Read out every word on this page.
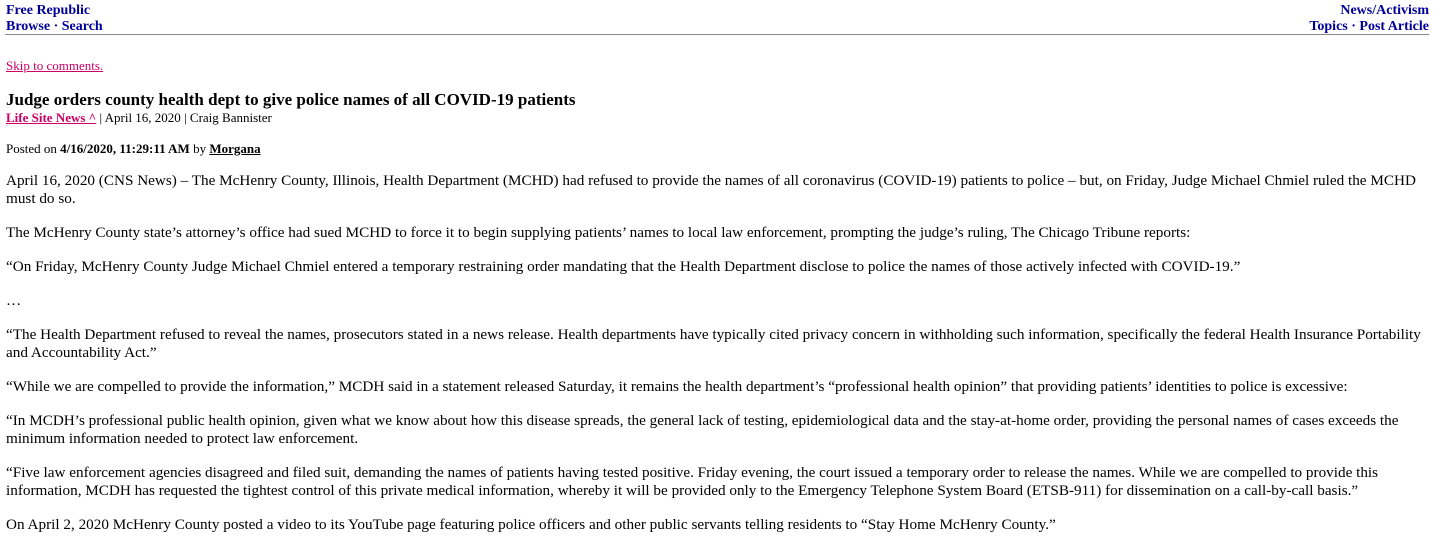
Free Republic
Browse · Search
News/Activism
Topics · Post Article

Skip to comments.

Judge orders county health dept to give police names of all COVID-19 patients
Life Site News ^ | April 16, 2020 | Craig Bannister
Posted on 4/16/2020, 11:29:11 AM by Morgana

April 16, 2020 (CNS News) – The McHenry County, Illinois, Health Department (MCHD) had refused to provide the names of all coronavirus (COVID-19) patients to police – but, on Friday, Judge Michael Chmiel ruled the MCHD must do so.

The McHenry County state’s attorney’s office had sued MCHD to force it to begin supplying patients’ names to local law enforcement, prompting the judge’s ruling, The Chicago Tribune reports:

“On Friday, McHenry County Judge Michael Chmiel entered a temporary restraining order mandating that the Health Department disclose to police the names of those actively infected with COVID-19.”

…

“The Health Department refused to reveal the names, prosecutors stated in a news release. Health departments have typically cited privacy concern in withholding such information, specifically the federal Health Insurance Portability and Accountability Act.”

“While we are compelled to provide the information,” MCDH said in a statement released Saturday, it remains the health department’s “professional health opinion” that providing patients’ identities to police is excessive:

“In MCDH’s professional public health opinion, given what we know about how this disease spreads, the general lack of testing, epidemiological data and the stay-at-home order, providing the personal names of cases exceeds the minimum information needed to protect law enforcement.

“Five law enforcement agencies disagreed and filed suit, demanding the names of patients having tested positive. Friday evening, the court issued a temporary order to release the names. While we are compelled to provide this information, MCDH has requested the tightest control of this private medical information, whereby it will be provided only to the Emergency Telephone System Board (ETSB-911) for dissemination on a call-by-call basis.”

On April 2, 2020 McHenry County posted a video to its YouTube page featuring police officers and other public servants telling residents to “Stay Home McHenry County.”
